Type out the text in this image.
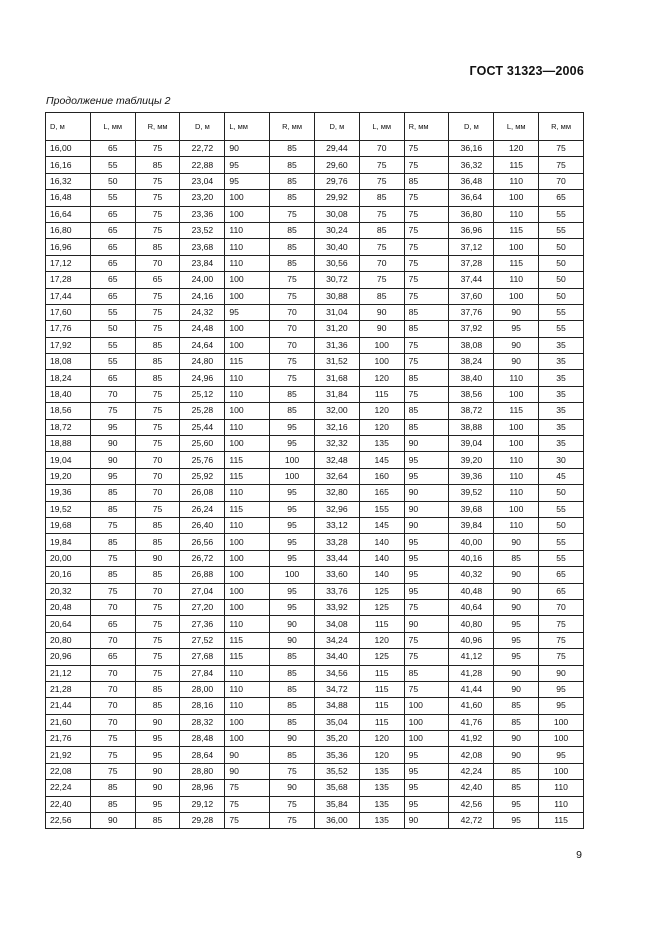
ГОСТ 31323—2006
Продолжение таблицы 2
D, м	L, мм	R, мм	D, м	L, мм	R, мм	D, м	L, мм	R, мм	D, м	L, мм	R, мм
16,00	65	75	22,72	90	85	29,44	70	75	36,16	120	75
16,16	55	85	22,88	95	85	29,60	75	75	36,32	115	75
16,32	50	75	23,04	95	85	29,76	75	85	36,48	110	70
16,48	55	75	23,20	100	85	29,92	85	75	36,64	100	65
16,64	65	75	23,36	100	75	30,08	75	75	36,80	110	55
16,80	65	75	23,52	110	85	30,24	85	75	36,96	115	55
16,96	65	85	23,68	110	85	30,40	75	75	37,12	100	50
17,12	65	70	23,84	110	85	30,56	70	75	37,28	115	50
17,28	65	65	24,00	100	75	30,72	75	75	37,44	110	50
17,44	65	75	24,16	100	75	30,88	85	75	37,60	100	50
17,60	55	75	24,32	95	70	31,04	90	85	37,76	90	55
17,76	50	75	24,48	100	70	31,20	90	85	37,92	95	55
17,92	55	85	24,64	100	70	31,36	100	75	38,08	90	35
18,08	55	85	24,80	115	75	31,52	100	75	38,24	90	35
18,24	65	85	24,96	110	75	31,68	120	85	38,40	110	35
18,40	70	75	25,12	110	85	31,84	115	75	38,56	100	35
18,56	75	75	25,28	100	85	32,00	120	85	38,72	115	35
18,72	95	75	25,44	110	95	32,16	120	85	38,88	100	35
18,88	90	75	25,60	100	95	32,32	135	90	39,04	100	35
19,04	90	70	25,76	115	100	32,48	145	95	39,20	110	30
19,20	95	70	25,92	115	100	32,64	160	95	39,36	110	45
19,36	85	70	26,08	110	95	32,80	165	90	39,52	110	50
19,52	85	75	26,24	115	95	32,96	155	90	39,68	100	55
19,68	75	85	26,40	110	95	33,12	145	90	39,84	110	50
19,84	85	85	26,56	100	95	33,28	140	95	40,00	90	55
20,00	75	90	26,72	100	95	33,44	140	95	40,16	85	55
20,16	85	85	26,88	100	100	33,60	140	95	40,32	90	65
20,32	75	70	27,04	100	95	33,76	125	95	40,48	90	65
20,48	70	75	27,20	100	95	33,92	125	75	40,64	90	70
20,64	65	75	27,36	110	90	34,08	115	90	40,80	95	75
20,80	70	75	27,52	115	90	34,24	120	75	40,96	95	75
20,96	65	75	27,68	115	85	34,40	125	75	41,12	95	75
21,12	70	75	27,84	110	85	34,56	115	85	41,28	90	90
21,28	70	85	28,00	110	85	34,72	115	75	41,44	90	95
21,44	70	85	28,16	110	85	34,88	115	100	41,60	85	95
21,60	70	90	28,32	100	85	35,04	115	100	41,76	85	100
21,76	75	95	28,48	100	90	35,20	120	100	41,92	90	100
21,92	75	95	28,64	90	85	35,36	120	95	42,08	90	95
22,08	75	90	28,80	90	75	35,52	135	95	42,24	85	100
22,24	85	90	28,96	75	90	35,68	135	95	42,40	85	110
22,40	85	95	29,12	75	75	35,84	135	95	42,56	95	110
22,56	90	85	29,28	75	75	36,00	135	90	42,72	95	115
9
